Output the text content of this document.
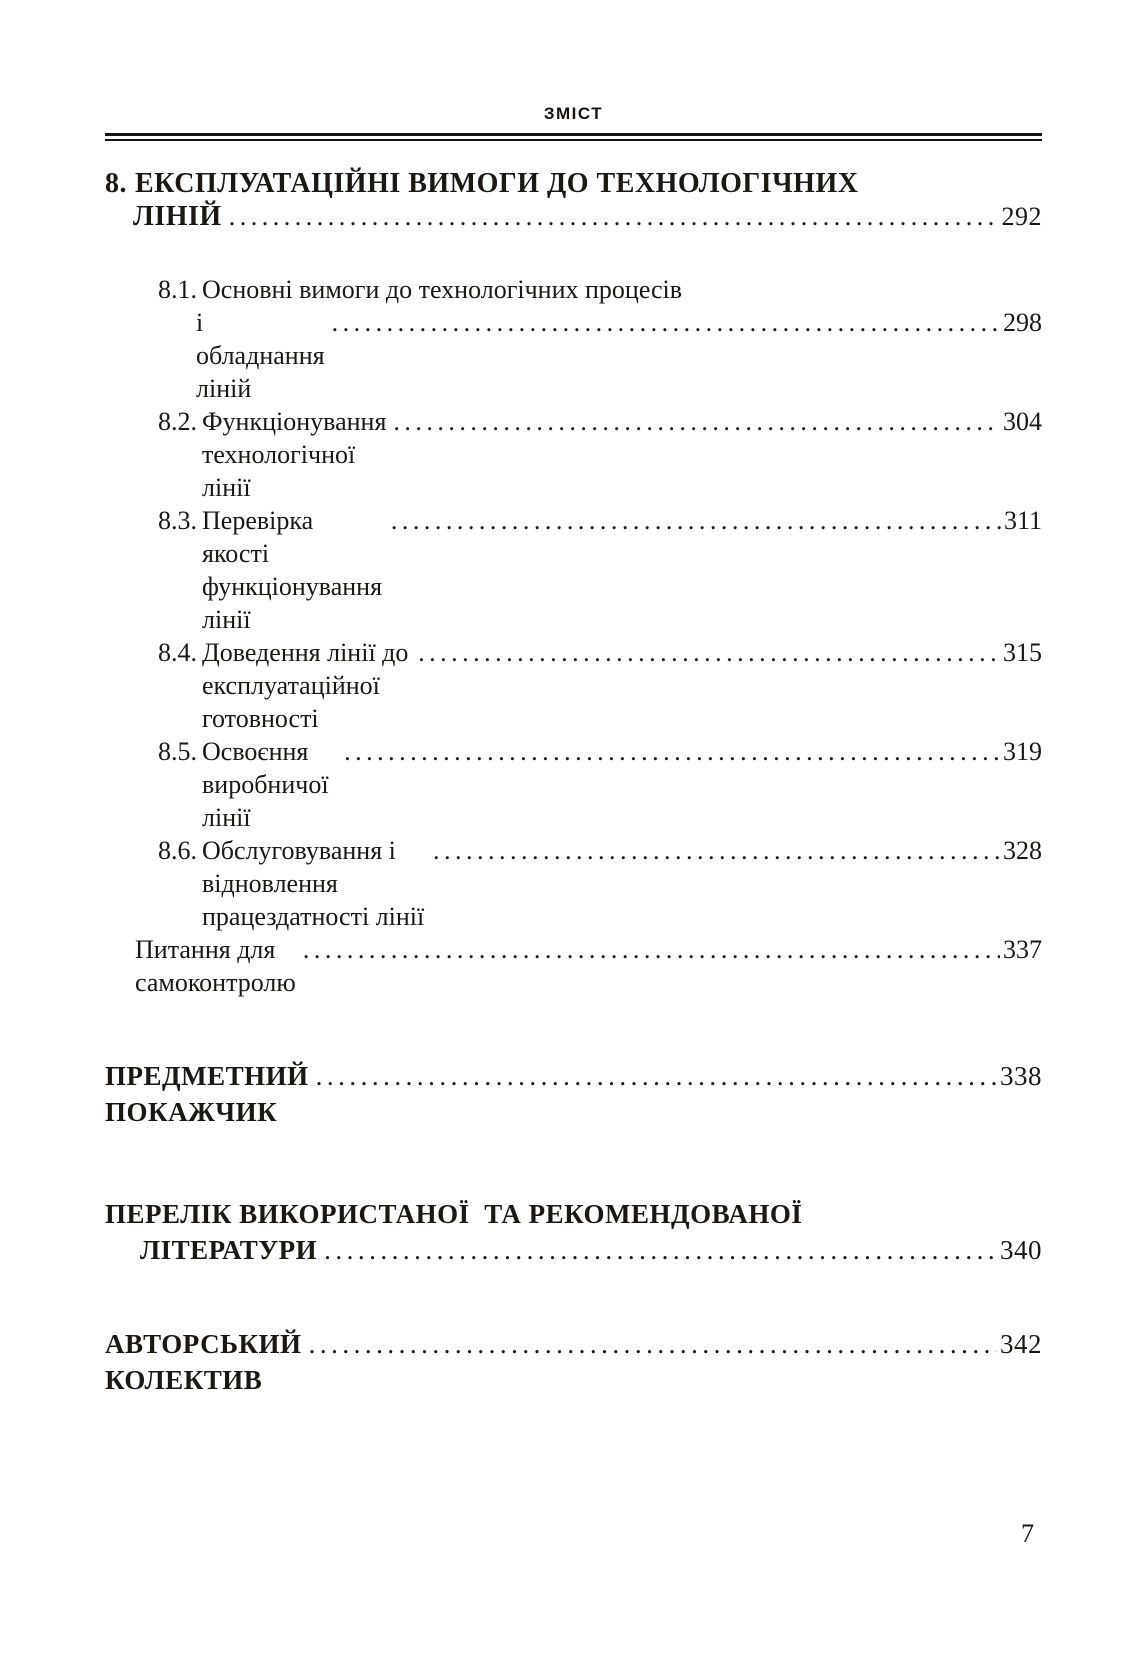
ЗМІСТ
8. ЕКСПЛУАТАЦІЙНІ ВИМОГИ ДО ТЕХНОЛОГІЧНИХ
ЛІНІЙ .....	292
8.1. Основні вимоги до технологічних процесів
і обладнання ліній
.....
298
8.2. Функціонування технологічної лінії
.....
304
8.3. Перевірка якості функціонування лінії
.....
311
8.4. Доведення лінії до експлуатаційної готовності
.....
315
8.5. Освоєння виробничої лінії
.....
319
8.6. Обслуговування і відновлення працездатності лінії
.....
328
Питання для самоконтролю
.....
337
ПРЕДМЕТНИЙ ПОКАЖЧИК
.....
338
ПЕРЕЛІК ВИКОРИСТАНОЇ  ТА РЕКОМЕНДОВАНОЇ
ЛІТЕРАТУРИ .....	340
АВТОРСЬКИЙ КОЛЕКТИВ
.....
342
7
